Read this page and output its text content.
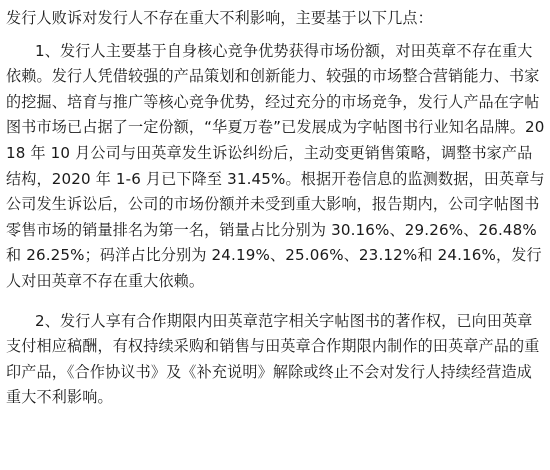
发行人败诉对发行人不存在重大不利影响，主要基于以下几点：

1、发行人主要基于自身核心竞争优势获得市场份额，对田英章不存在重大依赖。发行人凭借较强的产品策划和创新能力、较强的市场整合营销能力、书家的挖掘、培育与推广等核心竞争优势，经过充分的市场竞争，发行人产品在字帖图书市场已占据了一定份额，“华夏万卷”已发展成为字帖图书行业知名品牌。2018 年 10 月公司与田英章发生诉讼纠纷后，主动变更销售策略，调整书家产品结构，2020 年 1-6 月已下降至 31.45%。根据开卷信息的监测数据，田英章与公司发生诉讼后，公司的市场份额并未受到重大影响，报告期内，公司字帖图书零售市场的销量排名为第一名，销量占比分别为 30.16%、29.26%、26.48%和 26.25%；码洋占比分别为 24.19%、25.06%、23.12%和 24.16%，发行人对田英章不存在重大依赖。

2、发行人享有合作期限内田英章范字相关字帖图书的著作权，已向田英章支付相应稿酬，有权持续采购和销售与田英章合作期限内制作的田英章产品的重印产品，《合作协议书》及《补充说明》解除或终止不会对发行人持续经营造成重大不利影响。
